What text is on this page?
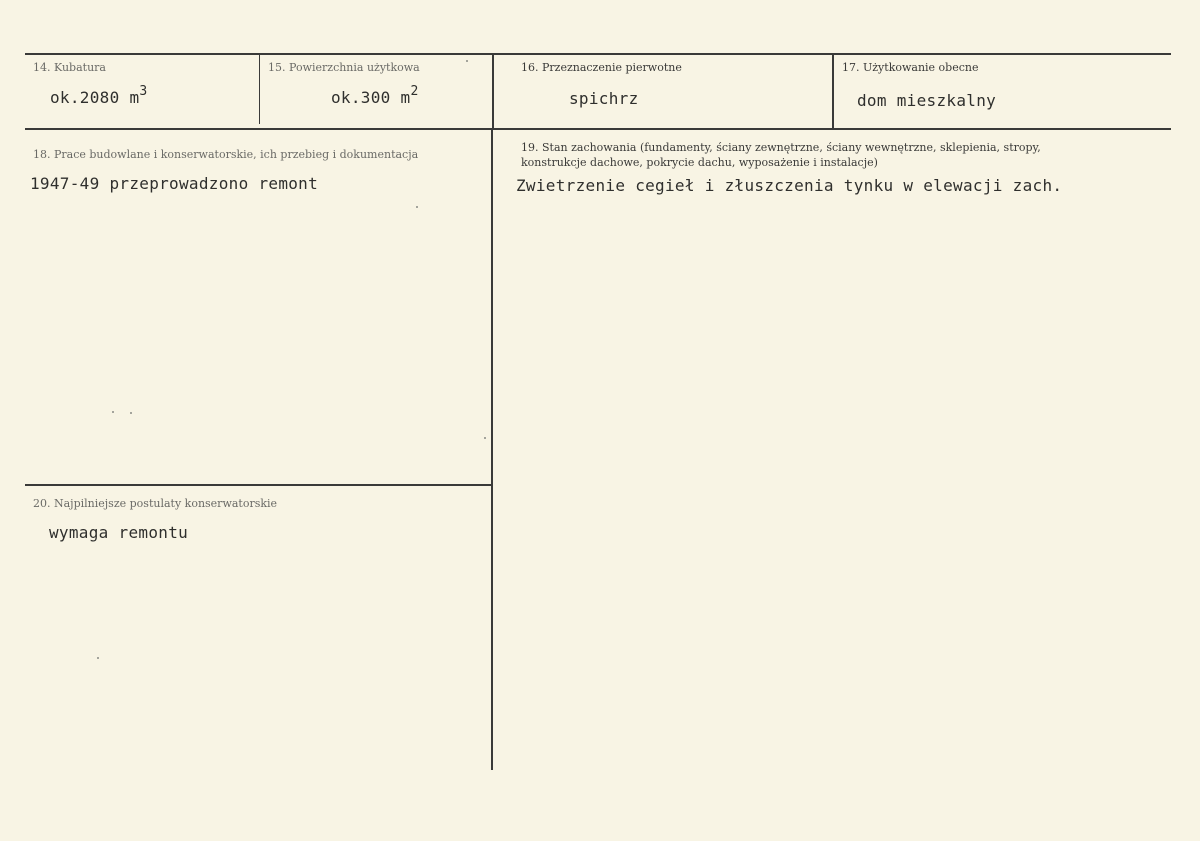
14. Kubatura
ok.2080 $m^3$
15. Powierzchnia użytkowa
ok.300 $m^2$
16. Przeznaczenie pierwotne
spichrz
17. Użytkowanie obecne
dom mieszkalny
18. Prace budowlane i konserwatorskie, ich przebieg i dokumentacja
1947-49 przeprowadzono remont
19. Stan zachowania (fundamenty, ściany zewnętrzne, ściany wewnętrzne, sklepienia, stropy,
konstrukcje dachowe, pokrycie dachu, wyposażenie i instalacje)
Zwietrzenie cegieł i złuszczenia tynku w elewacji zach.
20. Najpilniejsze postulaty konserwatorskie
wymaga remontu
